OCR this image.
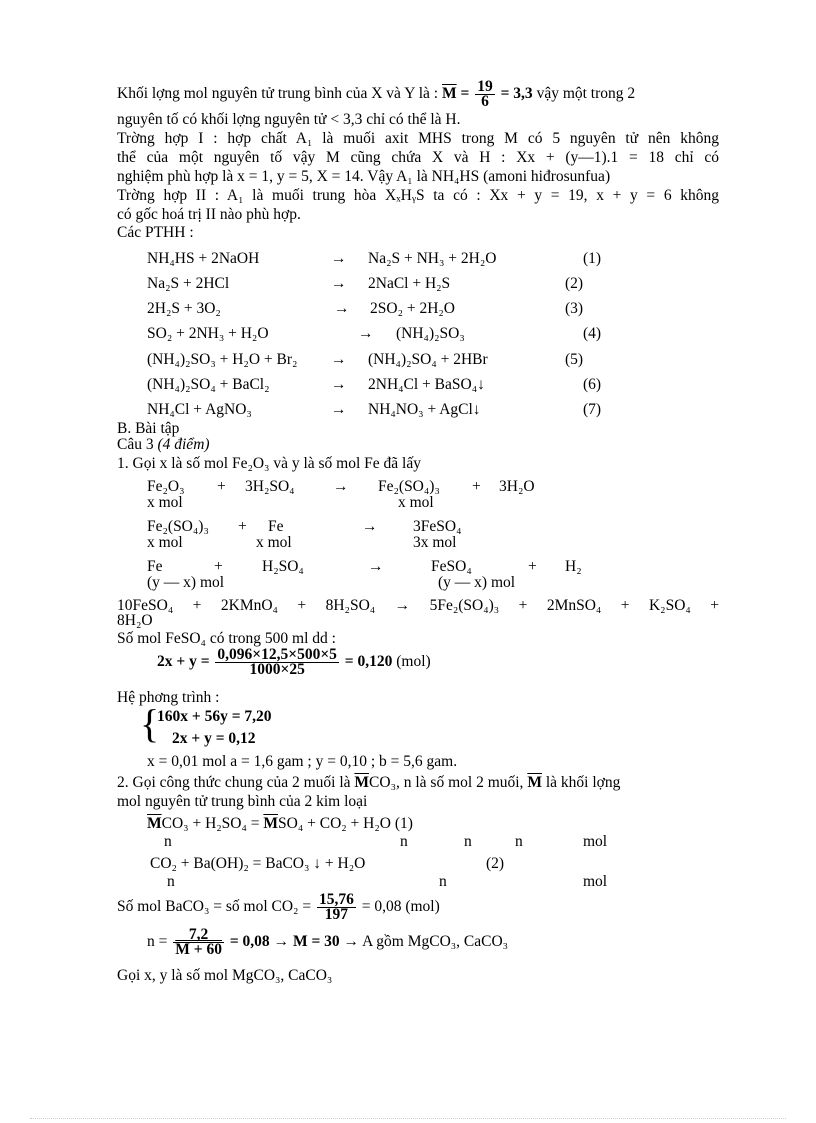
Khối lợng mol nguyên tử trung bình của X và Y là : $\overline{M} = \frac{19}{6} = 3,3$ vậy một trong 2
nguyên tố có khối lợng nguyên tử < 3,3 chỉ có thể là H.
Trờng hợp I : hợp chất A₁ là muối axit MHS trong M có 5 nguyên tử nên không
thể của một nguyên tố vậy M cũng chứa X và H : Xx + (y—1).1 = 18 chỉ có
nghiệm phù hợp là x = 1, y = 5, X = 14. Vậy A₁ là NH₄HS (amoni hiđrosunfua)
Trờng hợp II : A₁ là muối trung hòa XₓHᵧS ta có : Xx + y = 19, x + y = 6 không
có gốc hoá trị II nào phù hợp.
Các PTHH :
NH₄HS + 2NaOH	→ Na₂S + NH₃ + 2H₂O	(1)
Na₂S + 2HCl	→ 2NaCl + H₂S	(2)
2H₂S + 3O₂	→ 2SO₂ + 2H₂O	(3)
SO₂ + 2NH₃ + H₂O	→ (NH₄)₂SO₃	(4)
(NH₄)₂SO₃ + H₂O + Br₂ → (NH₄)₂SO₄ + 2HBr	(5)
(NH₄)₂SO₄ + BaCl₂	→ 2NH₄Cl + BaSO₄↓	(6)
NH₄Cl + AgNO₃	→ NH₄NO₃ + AgCl↓	(7)
B. Bài tập
Câu 3 (4 điểm)
1. Gọi x là số mol Fe₂O₃ và y là số mol Fe đã lấy
Fe₂O₃ + 3H₂SO₄ → Fe₂(SO₄)₃ + 3H₂O
x mol	x mol
Fe₂(SO₄)₃ + Fe	→ 3FeSO₄
x mol	x mol	3x mol
Fe	+	H₂SO₄	→	FeSO₄	+ H₂
(y — x) mol	(y — x) mol
10FeSO₄ + 2KMnO₄ + 8H₂SO₄ → 5Fe₂(SO₄)₃ + 2MnSO₄ + K₂SO₄ +
8H₂O
Số mol FeSO₄ có trong 500 ml dd :
$2x + y = \frac{0,096\times 12,5\times 500\times 5}{1000\times 25} = 0,120$ (mol)
Hệ phơng trình :
{
160x + 56y = 7,20
2x + y = 0,12
x = 0,01 mol a = 1,6 gam ; y = 0,10 ; b = 5,6 gam.
2. Gọi công thức chung của 2 muối là $\overline{M}CO_3$, n là số mol 2 muối, $\overline{M}$ là khối lợng
mol nguyên tử trung bình của 2 kim loại
$\overline{M}CO_3 + H_2SO_4 = \overline{M}SO_4 + CO_2 + H_2O$ (1)
n	n	n	n	mol
CO₂ + Ba(OH)₂ = BaCO₃ ↓ + H₂O	(2)
n	n	mol
Số mol BaCO₃ = số mol $CO_2 = \frac{15,76}{197} = 0,08$ (mol)
$n = \frac{7,2}{M + 60} = 0,08 \to M = 30 \to A$ gồm MgCO₃, CaCO₃
Gọi x, y là số mol MgCO₃, CaCO₃
